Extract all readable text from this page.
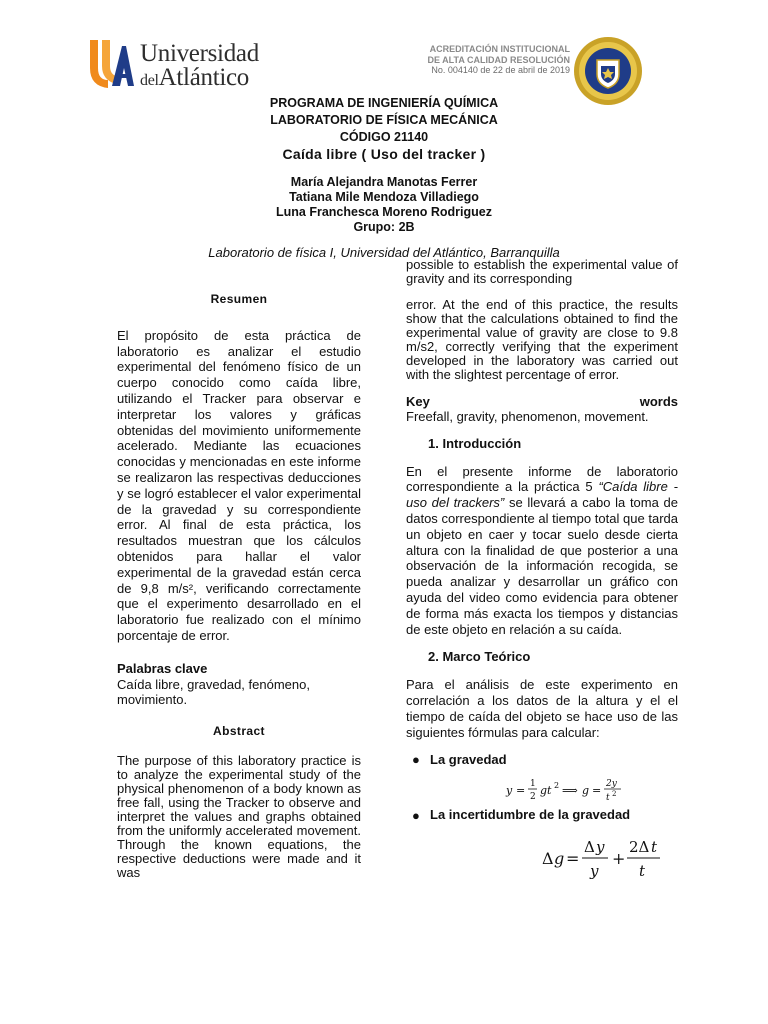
Universidad
delAtlántico
ACREDITACIÓN INSTITUCIONAL
DE ALTA CALIDAD RESOLUCIÓN
No. 004140 de 22 de abril de 2019
PROGRAMA DE INGENIERÍA QUÍMICA
LABORATORIO DE FÍSICA MECÁNICA
CÓDIGO 21140
Caída libre ( Uso del tracker )
María Alejandra Manotas Ferrer
Tatiana Mile Mendoza Villadiego
Luna Franchesca Moreno Rodriguez
Grupo: 2B
Laboratorio de física I, Universidad del Atlántico, Barranquilla
Resumen

El propósito de esta práctica de laboratorio es analizar el estudio experimental del fenómeno físico de un cuerpo conocido como caída libre, utilizando el Tracker para observar e interpretar los valores y gráficas obtenidas del movimiento uniformemente acelerado. Mediante las ecuaciones conocidas y mencionadas en este informe se realizaron las respectivas deducciones y se logró establecer el valor experimental de la gravedad y su correspondiente error. Al final de esta práctica, los resultados muestran que los cálculos obtenidos para hallar el valor experimental de la gravedad están cerca de 9,8 m/s², verificando correctamente que el experimento desarrollado en el laboratorio fue realizado con el mínimo porcentaje de error.

Palabras clave
Caída libre, gravedad, fenómeno, movimiento.
Abstract

The purpose of this laboratory practice is to analyze the experimental study of the physical phenomenon of a body known as free fall, using the Tracker to observe and interpret the values and graphs obtained from the uniformly accelerated movement. Through the known equations, the respective deductions were made and it was

possible to establish the experimental value of gravity and its corresponding

error. At the end of this practice, the results show that the calculations obtained to find the experimental value of gravity are close to 9.8 m/s2, correctly verifying that the experiment developed in the laboratory was carried out with the slightest percentage of error.

Key	words

Freefall, gravity, phenomenon, movement.

1. Introducción

En el presente informe de laboratorio correspondiente a la práctica 5 “Caída libre - uso del trackers” se llevará a cabo la toma de datos correspondiente al tiempo total que tarda un objeto en caer y tocar suelo desde cierta altura con la finalidad de que posterior a una observación de la información recogida, se pueda analizar y desarrollar un gráfico con ayuda del video como evidencia para obtener de forma más exacta los tiempos y distancias de este objeto en relación a su caída.

2. Marco Teórico

Para el análisis de este experimento en correlación a los datos de la altura y el el tiempo de caída del objeto se hace uso de las siguientes fórmulas para calcular:

● La gravedad
y = 1
2 gt 2 ⟹ g = 2y
t 2
● La incertidumbre de la gravedad
Δ g =
Δ y
y
+
2Δ t
t
